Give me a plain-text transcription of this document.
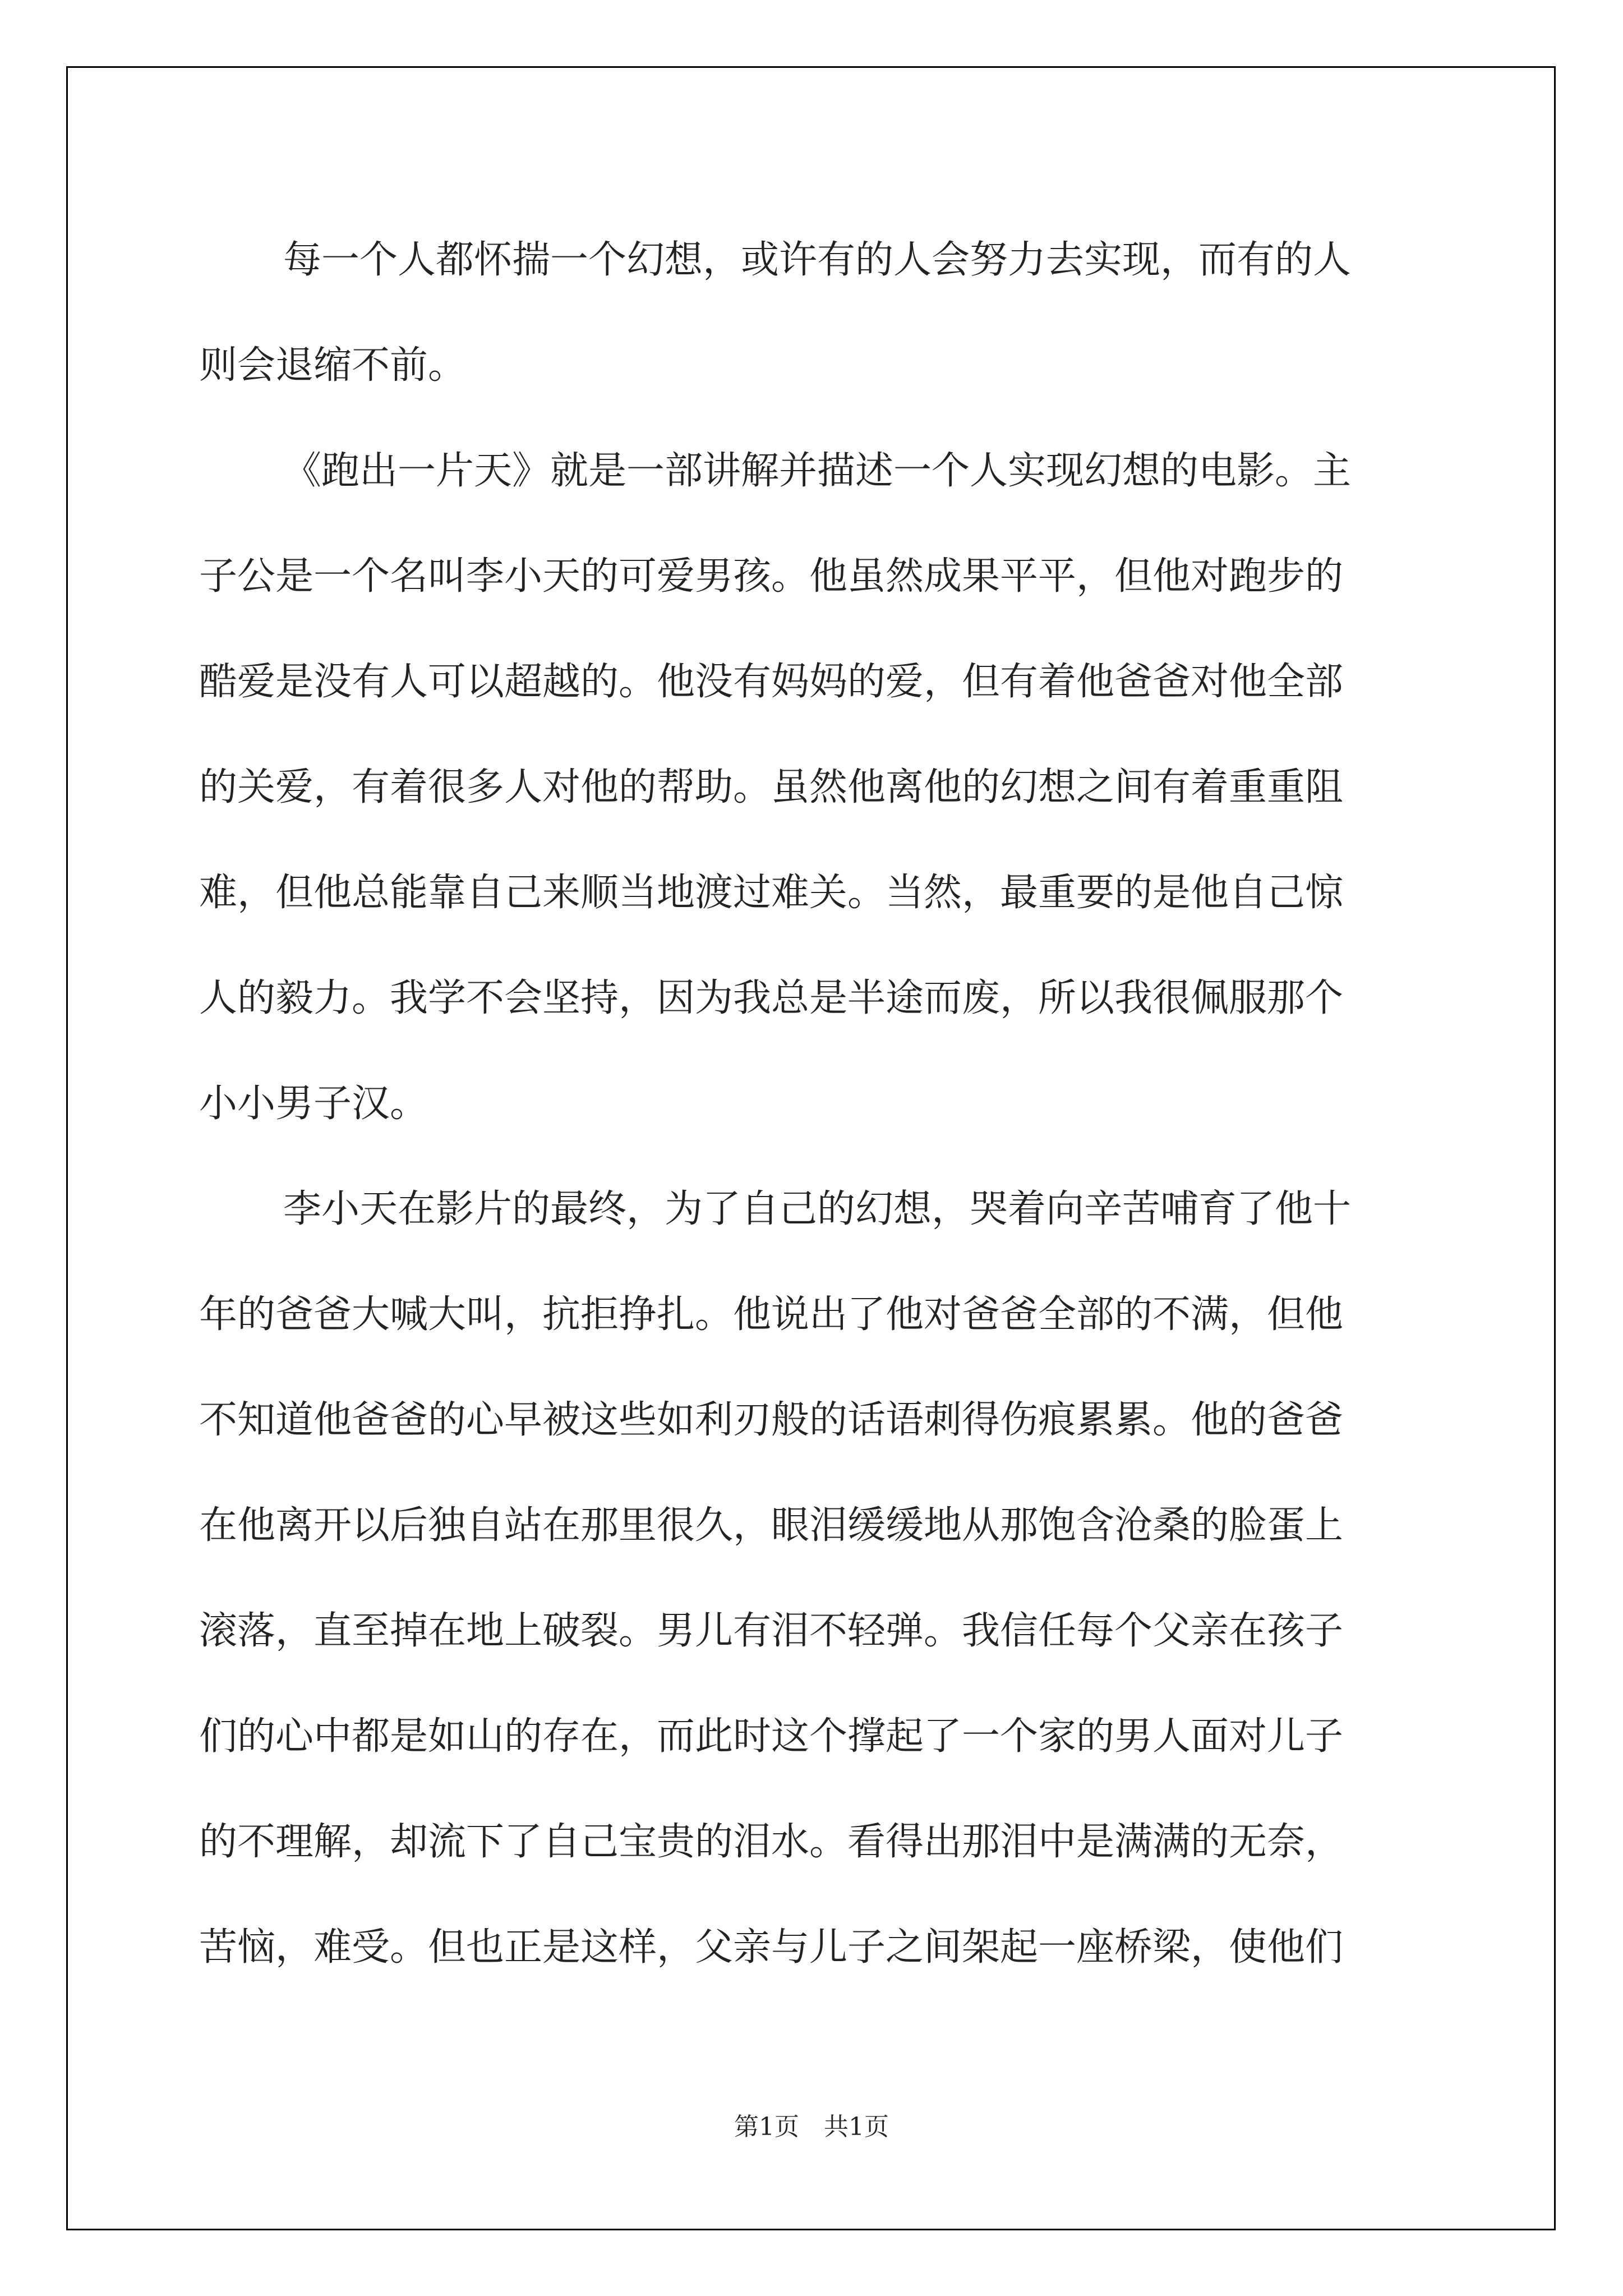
每一个人都怀揣一个幻想，或许有的人会努力去实现，而有的人
则会退缩不前。
《跑出一片天》就是一部讲解并描述一个人实现幻想的电影。主
子公是一个名叫李小天的可爱男孩。他虽然成果平平，但他对跑步的
酷爱是没有人可以超越的。他没有妈妈的爱，但有着他爸爸对他全部
的关爱，有着很多人对他的帮助。虽然他离他的幻想之间有着重重阻
难，但他总能靠自己来顺当地渡过难关。当然，最重要的是他自己惊
人的毅力。我学不会坚持，因为我总是半途而废，所以我很佩服那个
小小男子汉。
李小天在影片的最终，为了自己的幻想，哭着向辛苦哺育了他十
年的爸爸大喊大叫，抗拒挣扎。他说出了他对爸爸全部的不满，但他
不知道他爸爸的心早被这些如利刃般的话语刺得伤痕累累。他的爸爸
在他离开以后独自站在那里很久，眼泪缓缓地从那饱含沧桑的脸蛋上
滚落，直至掉在地上破裂。男儿有泪不轻弹。我信任每个父亲在孩子
们的心中都是如山的存在，而此时这个撑起了一个家的男人面对儿子
的不理解，却流下了自己宝贵的泪水。看得出那泪中是满满的无奈，
苦恼，难受。但也正是这样，父亲与儿子之间架起一座桥梁，使他们
第1页　共1页
